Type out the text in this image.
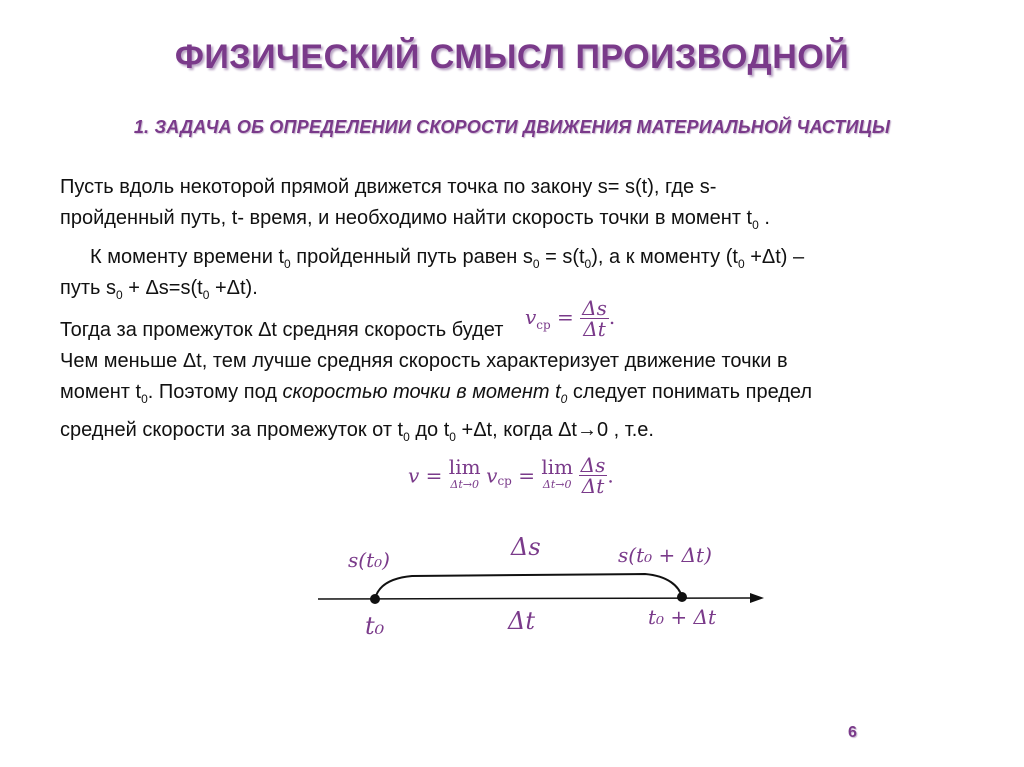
ФИЗИЧЕСКИЙ СМЫСЛ ПРОИЗВОДНОЙ
1. ЗАДАЧА ОБ ОПРЕДЕЛЕНИИ СКОРОСТИ ДВИЖЕНИЯ МАТЕРИАЛЬНОЙ ЧАСТИЦЫ
Пусть вдоль некоторой прямой движется точка по закону s= s(t), где s-
пройденный путь, t- время, и необходимо найти скорость точки в момент $t_0$ .
К моменту времени $t_0$ пройденный путь равен $s_0 = s(t_0)$, а к моменту $(t_0 +\Delta t)$ –
путь $s_0 + \Delta s=s(t_0 +\Delta t)$.
Тогда за промежуток Δt средняя скорость будет $v_{ср} = \frac{\Delta s}{\Delta t}$ .
Чем меньше Δt, тем лучше средняя скорость характеризует движение точки в
момент $t_0$. Поэтому под скоростью точки в момент $t_0$ следует понимать предел
средней скорости за промежуток от $t_0$ до $t_0 +\Delta t$, когда Δt→0 , т.е.
v = lim
Δt→0 $v_{ср} = \lim$
Δt→0
$\frac{\Delta s}{\Delta t}$ .
s(t₀)	Δs	s(t₀ + Δt)
t₀	Δt	t₀ + Δt
6
